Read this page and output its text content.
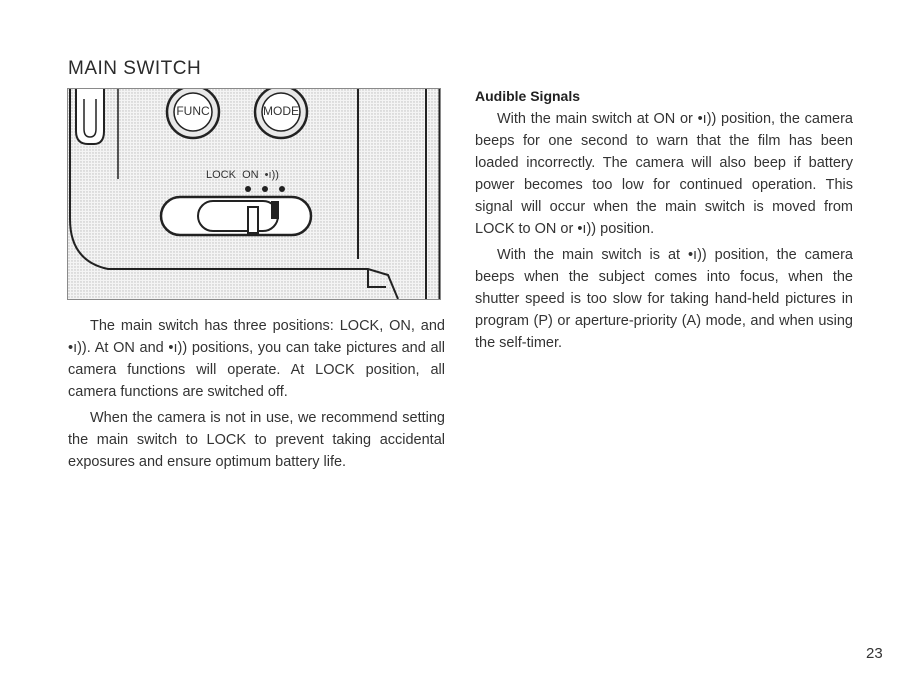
MAIN SWITCH
FUNC	MODE
LOCK  ON  •ı))

The main switch has three positions: LOCK, ON, and •ı)). At ON and •ı)) positions, you can take pictures and all camera functions will operate. At LOCK position, all camera functions are switched off.

When the camera is not in use, we recommend setting the main switch to LOCK to prevent taking accidental exposures and ensure optimum battery life.

Audible Signals

With the main switch at ON or •ı)) position, the camera beeps for one second to warn that the film has been loaded incorrectly. The camera will also beep if battery power becomes too low for continued operation. This signal will occur when the main switch is moved from LOCK to ON or •ı)) position.

With the main switch is at •ı)) position, the camera beeps when the subject comes into focus, when the shutter speed is too slow for taking hand-held pictures in program (P) or aperture-priority (A) mode, and when using the self-timer.

23
